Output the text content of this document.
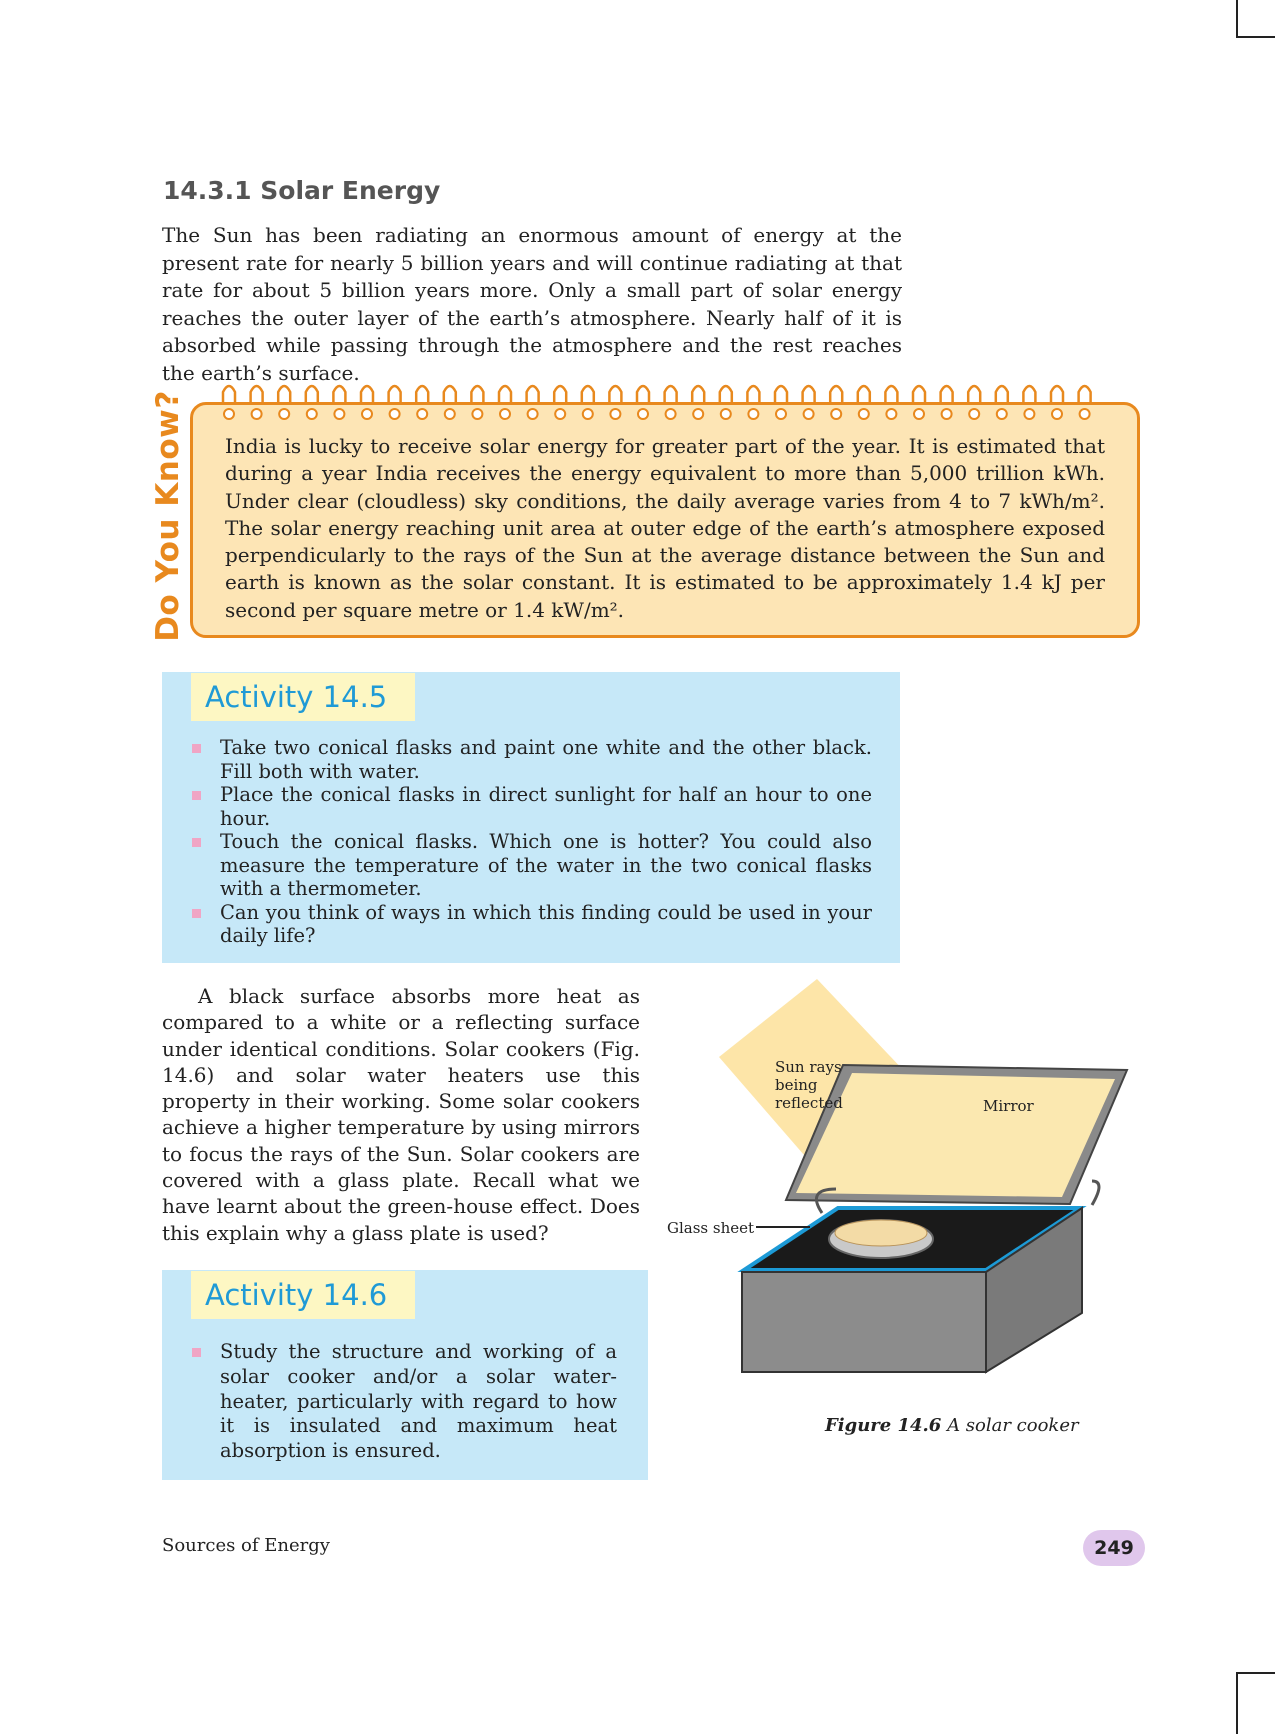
14.3.1 Solar Energy
The Sun has been radiating an enormous amount of energy at the present rate for nearly 5 billion years and will continue radiating at that rate for about 5 billion years more. Only a small part of solar energy reaches the outer layer of the earth’s atmosphere. Nearly half of it is absorbed while passing through the atmosphere and the rest reaches the earth’s surface.
Do You Know? India is lucky to receive solar energy for greater part of the year. It is estimated that during a year India receives the energy equivalent to more than 5,000 trillion kWh. Under clear (cloudless) sky conditions, the daily average varies from 4 to 7 kWh/m². The solar energy reaching unit area at outer edge of the earth’s atmosphere exposed perpendicularly to the rays of the Sun at the average distance between the Sun and earth is known as the solar constant. It is estimated to be approximately 1.4 kJ per second per square metre or 1.4 kW/m².
Activity 14.5
Take two conical flasks and paint one white and the other black. Fill both with water.
Place the conical flasks in direct sunlight for half an hour to one hour.
Touch the conical flasks. Which one is hotter? You could also measure the temperature of the water in the two conical flasks with a thermometer.
Can you think of ways in which this finding could be used in your daily life?
A black surface absorbs more heat as compared to a white or a reflecting surface under identical conditions. Solar cookers (Fig. 14.6) and solar water heaters use this property in their working. Some solar cookers achieve a higher temperature by using mirrors to focus the rays of the Sun. Solar cookers are covered with a glass plate. Recall what we have learnt about the green-house effect. Does this explain why a glass plate is used?
Activity 14.6
Study the structure and working of a solar cooker and/or a solar water-heater, particularly with regard to how it is insulated and maximum heat absorption is ensured.
Sun rays
being
reflected	Mirror
Glass sheet
Figure 14.6 A solar cooker
Sources of Energy	249
